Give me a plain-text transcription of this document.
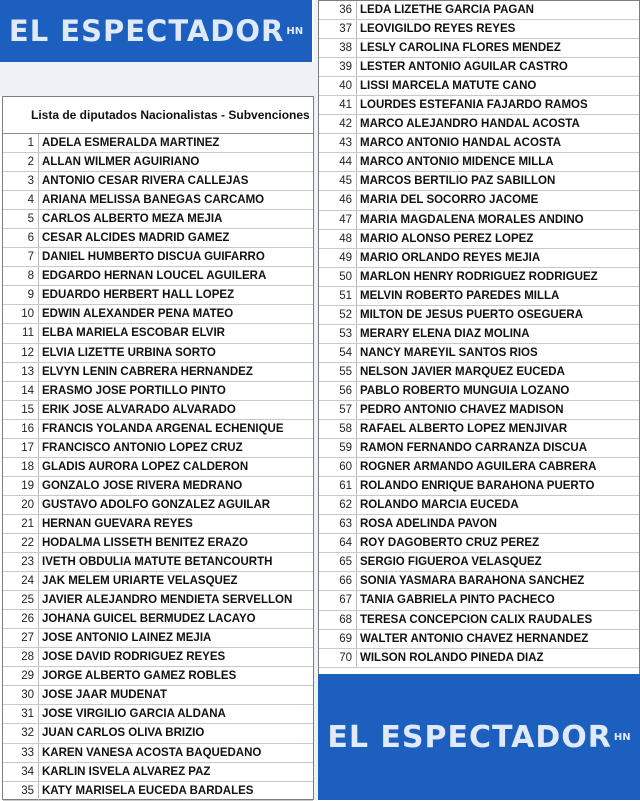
EL ESPECTADOR HN
Lista de diputados Nacionalistas - Subvenciones
1 ADELA ESMERALDA MARTINEZ
2 ALLAN WILMER AGUIRIANO
3 ANTONIO CESAR RIVERA CALLEJAS
4 ARIANA MELISSA BANEGAS CARCAMO
5 CARLOS ALBERTO MEZA MEJIA
6 CESAR ALCIDES MADRID GAMEZ
7 DANIEL HUMBERTO DISCUA GUIFARRO
8 EDGARDO HERNAN LOUCEL AGUILERA
9 EDUARDO HERBERT HALL LOPEZ
10 EDWIN ALEXANDER PEÑA MATEO
11 ELBA MARIELA ESCOBAR ELVIR
12 ELVIA LIZETTE URBINA SORTO
13 ELVYN LENIN CABRERA HERNANDEZ
14 ERASMO JOSE PORTILLO PINTO
15 ERIK JOSE ALVARADO ALVARADO
16 FRANCIS YOLANDA ARGEÑAL ECHENIQUE
17 FRANCISCO ANTONIO LOPEZ CRUZ
18 GLADIS AURORA LOPEZ CALDERON
19 GONZALO JOSE RIVERA MEDRANO
20 GUSTAVO ADOLFO GONZALEZ AGUILAR
21 HERNAN GUEVARA REYES
22 HODALMA LISSETH BENITEZ ERAZO
23 IVETH OBDULIA MATUTE BETANCOURTH
24 JAK MELEM URIARTE VELASQUEZ
25 JAVIER ALEJANDRO MENDIETA SERVELLON
26 JOHANA GUICEL BERMUDEZ LACAYO
27 JOSE ANTONIO LAINEZ MEJIA
28 JOSE DAVID RODRIGUEZ REYES
29 JORGE ALBERTO GAMEZ ROBLES
30 JOSE JAAR MUDENAT
31 JOSE VIRGILIO GARCIA ALDANA
32 JUAN CARLOS OLIVA BRIZIO
33 KAREN VANESA ACOSTA BAQUEDANO
34 KARLIN ISVELA ALVAREZ PAZ
35 KATY MARISELA EUCEDA BARDALES
36 LEDA LIZETHE GARCIA PAGAN
37 LEOVIGILDO REYES REYES
38 LESLY CAROLINA FLORES MENDEZ
39 LESTER ANTONIO AGUILAR CASTRO
40 LISSI MARCELA MATUTE CANO
41 LOURDES ESTEFANIA FAJARDO RAMOS
42 MARCO ALEJANDRO HANDAL ACOSTA
43 MARCO ANTONIO HANDAL ACOSTA
44 MARCO ANTONIO MIDENCE MILLA
45 MARCOS BERTILIO PAZ SABILLON
46 MARIA DEL SOCORRO JACOME
47 MARIA MAGDALENA MORALES ANDINO
48 MARIO ALONSO PEREZ LOPEZ
49 MARIO ORLANDO REYES MEJIA
50 MARLON HENRY RODRIGUEZ RODRIGUEZ
51 MELVIN ROBERTO PAREDES MILLA
52 MILTON DE JESUS PUERTO OSEGUERA
53 MERARY ELENA DIAZ MOLINA
54 NANCY MAREYIL SANTOS RIOS
55 NELSON JAVIER MARQUEZ EUCEDA
56 PABLO ROBERTO MUNGUIA LOZANO
57 PEDRO ANTONIO CHAVEZ MADISON
58 RAFAEL ALBERTO LOPEZ MENJIVAR
59 RAMON FERNANDO CARRANZA DISCUA
60 ROGNER ARMANDO AGUILERA CABRERA
61 ROLANDO ENRIQUE BARAHONA PUERTO
62 ROLANDO MARCIA EUCEDA
63 ROSA ADELINDA PAVON
64 ROY DAGOBERTO CRUZ PEREZ
65 SERGIO FIGUEROA VELASQUEZ
66 SONIA YASMARA BARAHONA SANCHEZ
67 TANIA GABRIELA PINTO PACHECO
68 TERESA CONCEPCION CALIX RAUDALES
69 WALTER ANTONIO CHAVEZ HERNANDEZ
70 WILSON ROLANDO PINEDA DIAZ
EL ESPECTADOR HN
